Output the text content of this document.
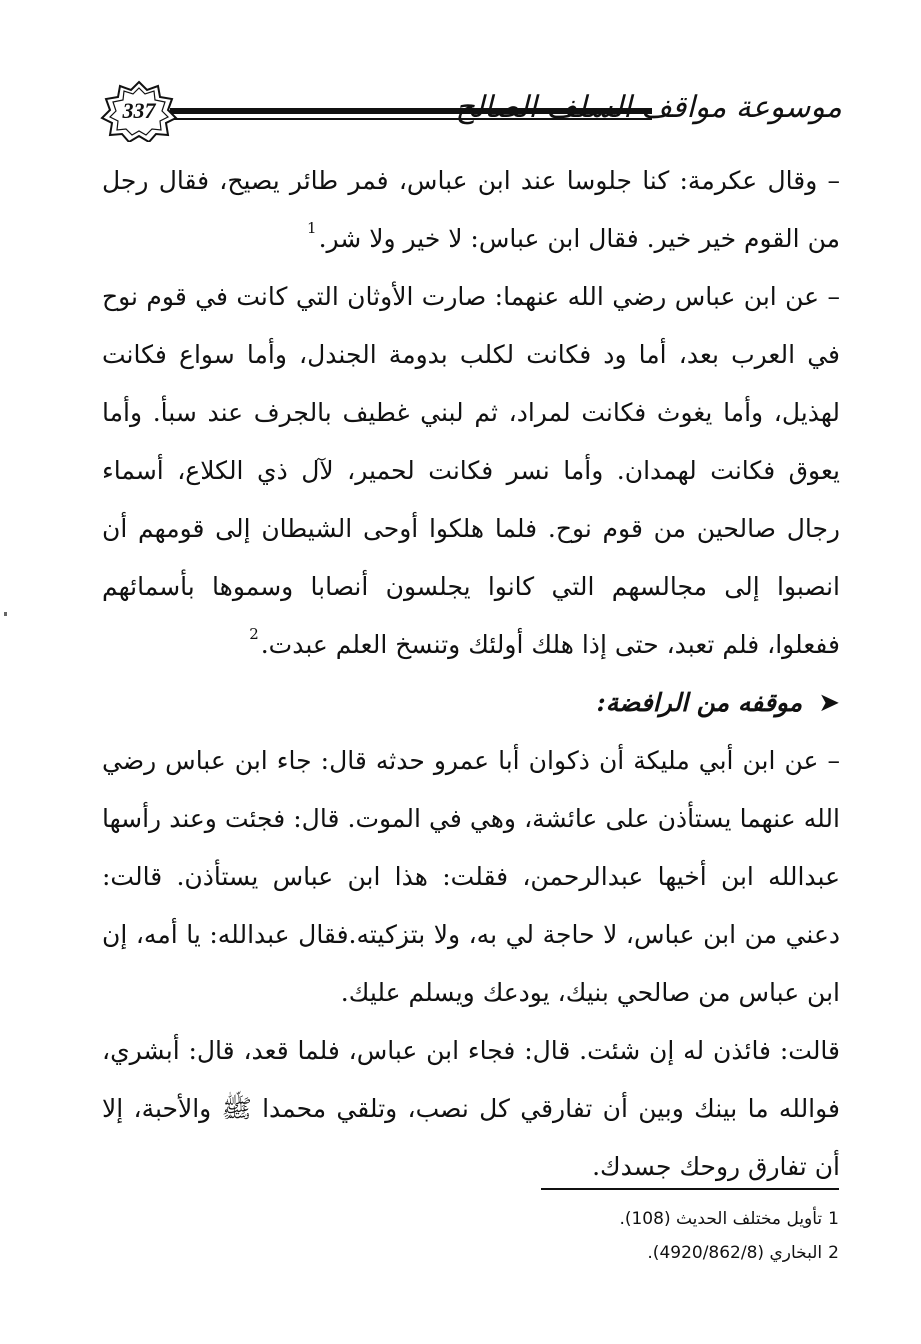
موسوعة مواقف السلف الصالح
337

– وقال عكرمة: كنا جلوسا عند ابن عباس، فمر طائر يصيح، فقال رجل من القوم خير خير. فقال ابن عباس: لا خير ولا شر.$^1$

– عن ابن عباس رضي الله عنهما: صارت الأوثان التي كانت في قوم نوح في العرب بعد، أما ود فكانت لكلب بدومة الجندل، وأما سواع فكانت لهذيل، وأما يغوث فكانت لمراد، ثم لبني غطيف بالجرف عند سبأ. وأما يعوق فكانت لهمدان. وأما نسر فكانت لحمير، لآل ذي الكلاع، أسماء رجال صالحين من قوم نوح. فلما هلكوا أوحى الشيطان إلى قومهم أن انصبوا إلى مجالسهم التي كانوا يجلسون أنصابا وسموها بأسمائهم ففعلوا، فلم تعبد، حتى إذا هلك أولئك وتنسخ العلم عبدت.$^2$

➤
موقفه من الرافضة:

– عن ابن أبي مليكة أن ذكوان أبا عمرو حدثه قال: جاء ابن عباس رضي الله عنهما يستأذن على عائشة، وهي في الموت. قال: فجئت وعند رأسها عبدالله ابن أخيها عبدالرحمن، فقلت: هذا ابن عباس يستأذن. قالت: دعني من ابن عباس، لا حاجة لي به، ولا بتزكيته.فقال عبدالله: يا أمه، إن ابن عباس من صالحي بنيك، يودعك ويسلم عليك.

قالت: فائذن له إن شئت. قال: فجاء ابن عباس، فلما قعد، قال: أبشري، فوالله ما بينك وبين أن تفارقي كل نصب، وتلقي محمدا ﷺ والأحبة، إلا أن تفارق روحك جسدك.

1تأويل مختلف الحديث (108).

2البخاري (4920/862/8).
